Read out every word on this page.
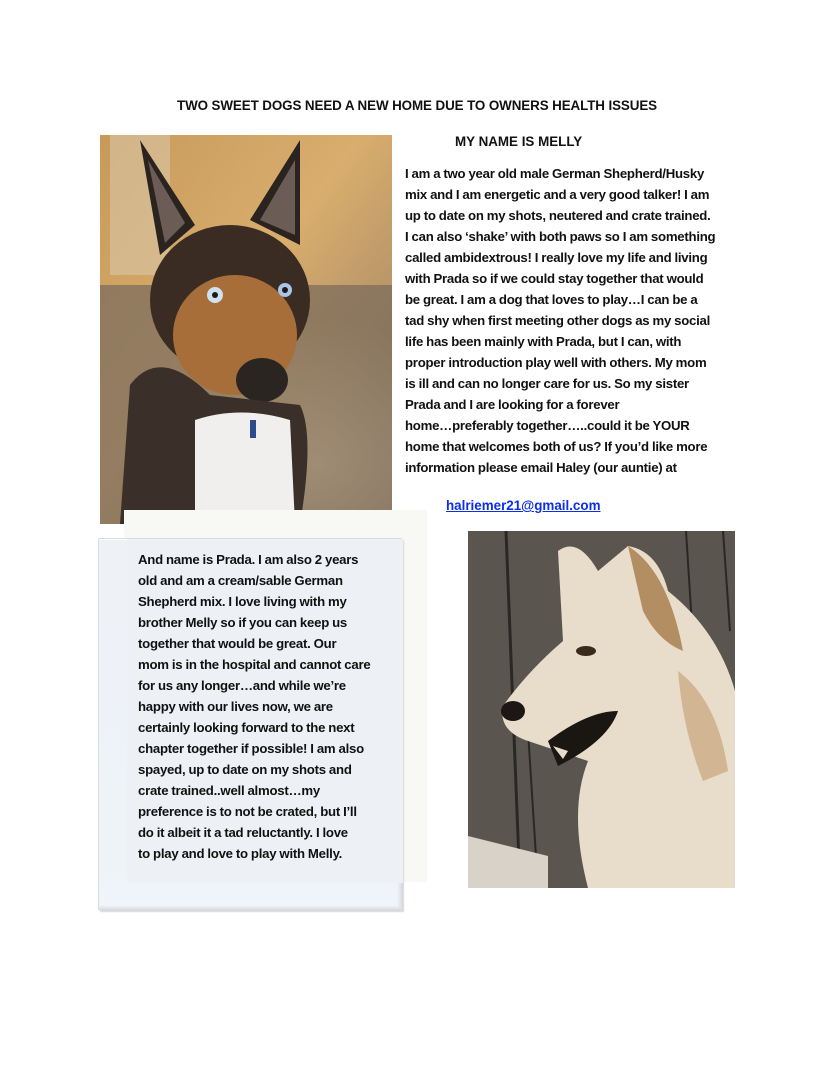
TWO SWEET DOGS NEED A NEW HOME DUE TO OWNERS HEALTH ISSUES
MY NAME IS MELLY
I am a two year old male German Shepherd/Husky
mix and I am energetic and a very good talker! I am
up to date on my shots, neutered and crate trained.
I can also ‘shake’ with both paws so I am something
called ambidextrous! I really love my life and living
with Prada so if we could stay together that would
be great. I am a dog that loves to play…I can be a
tad shy when first meeting other dogs as my social
life has been mainly with Prada, but I can, with
proper introduction play well with others. My mom
is ill and can no longer care for us. So my sister
Prada and I are looking for a forever
home…preferably together…..could it be YOUR
home that welcomes both of us? If you’d like more
information please email Haley (our auntie) at
halriemer21@gmail.com
And name is Prada. I am also 2 years
old and am a cream/sable German
Shepherd mix. I love living with my
brother Melly so if you can keep us
together that would be great. Our
mom is in the hospital and cannot care
for us any longer…and while we’re
happy with our lives now, we are
certainly looking forward to the next
chapter together if possible! I am also
spayed, up to date on my shots and
crate trained..well almost…my
preference is to not be crated, but I’ll
do it albeit it a tad reluctantly. I love
to play and love to play with Melly.
